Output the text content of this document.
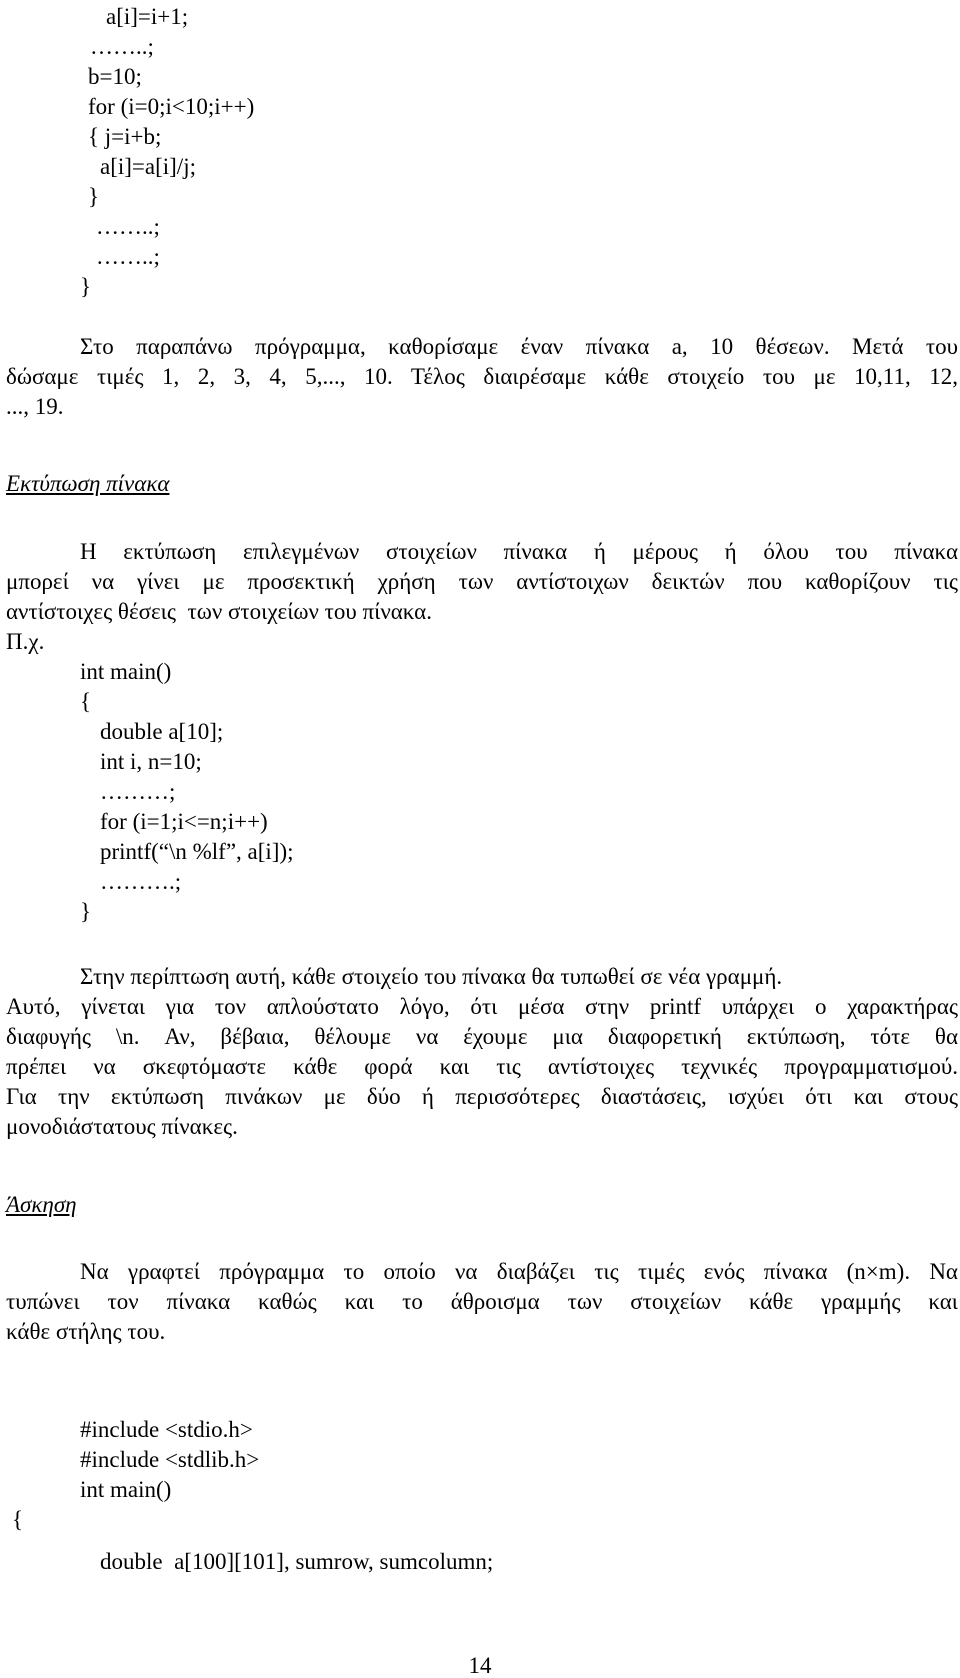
a[i]=i+1;
……..;
b=10;
for (i=0;i<10;i++)
{ j=i+b;
a[i]=a[i]/j;
}
……..;
……..;
}
Στο παραπάνω πρόγραμμα, καθορίσαμε έναν πίνακα a, 10 θέσεων. Μετά του
δώσαμε τιμές 1, 2, 3, 4, 5,..., 10. Τέλος διαιρέσαμε κάθε στοιχείο του με 10,11, 12,
..., 19.
Εκτύπωση πίνακα
Η εκτύπωση επιλεγμένων στοιχείων πίνακα ή μέρους ή όλου του πίνακα
μπορεί να γίνει με προσεκτική χρήση των αντίστοιχων δεικτών που καθορίζουν τις
αντίστοιχες θέσεις  των στοιχείων του πίνακα.
Π.χ.
int main()
{
double a[10];
int i, n=10;
………;
for (i=1;i<=n;i++)
printf(“\n %lf”, a[i]);
……….;
}
Στην περίπτωση αυτή, κάθε στοιχείο του πίνακα θα τυπωθεί σε νέα γραμμή.
Αυτό, γίνεται για τον απλούστατο λόγο, ότι μέσα στην printf υπάρχει ο χαρακτήρας
διαφυγής \n. Αν, βέβαια, θέλουμε να έχουμε μια διαφορετική εκτύπωση, τότε θα
πρέπει να σκεφτόμαστε κάθε φορά και τις αντίστοιχες τεχνικές προγραμματισμού.
Για την εκτύπωση πινάκων με δύο ή περισσότερες διαστάσεις, ισχύει ότι και στους
μονοδιάστατους πίνακες.
Άσκηση
Να γραφτεί πρόγραμμα το οποίο να διαβάζει τις τιμές ενός πίνακα (n×m). Να
τυπώνει τον πίνακα καθώς και το άθροισμα των στοιχείων κάθε γραμμής και
κάθε στήλης του.
#include <stdio.h>
#include <stdlib.h>
int main()
{
double  a[100][101], sumrow, sumcolumn;
14
